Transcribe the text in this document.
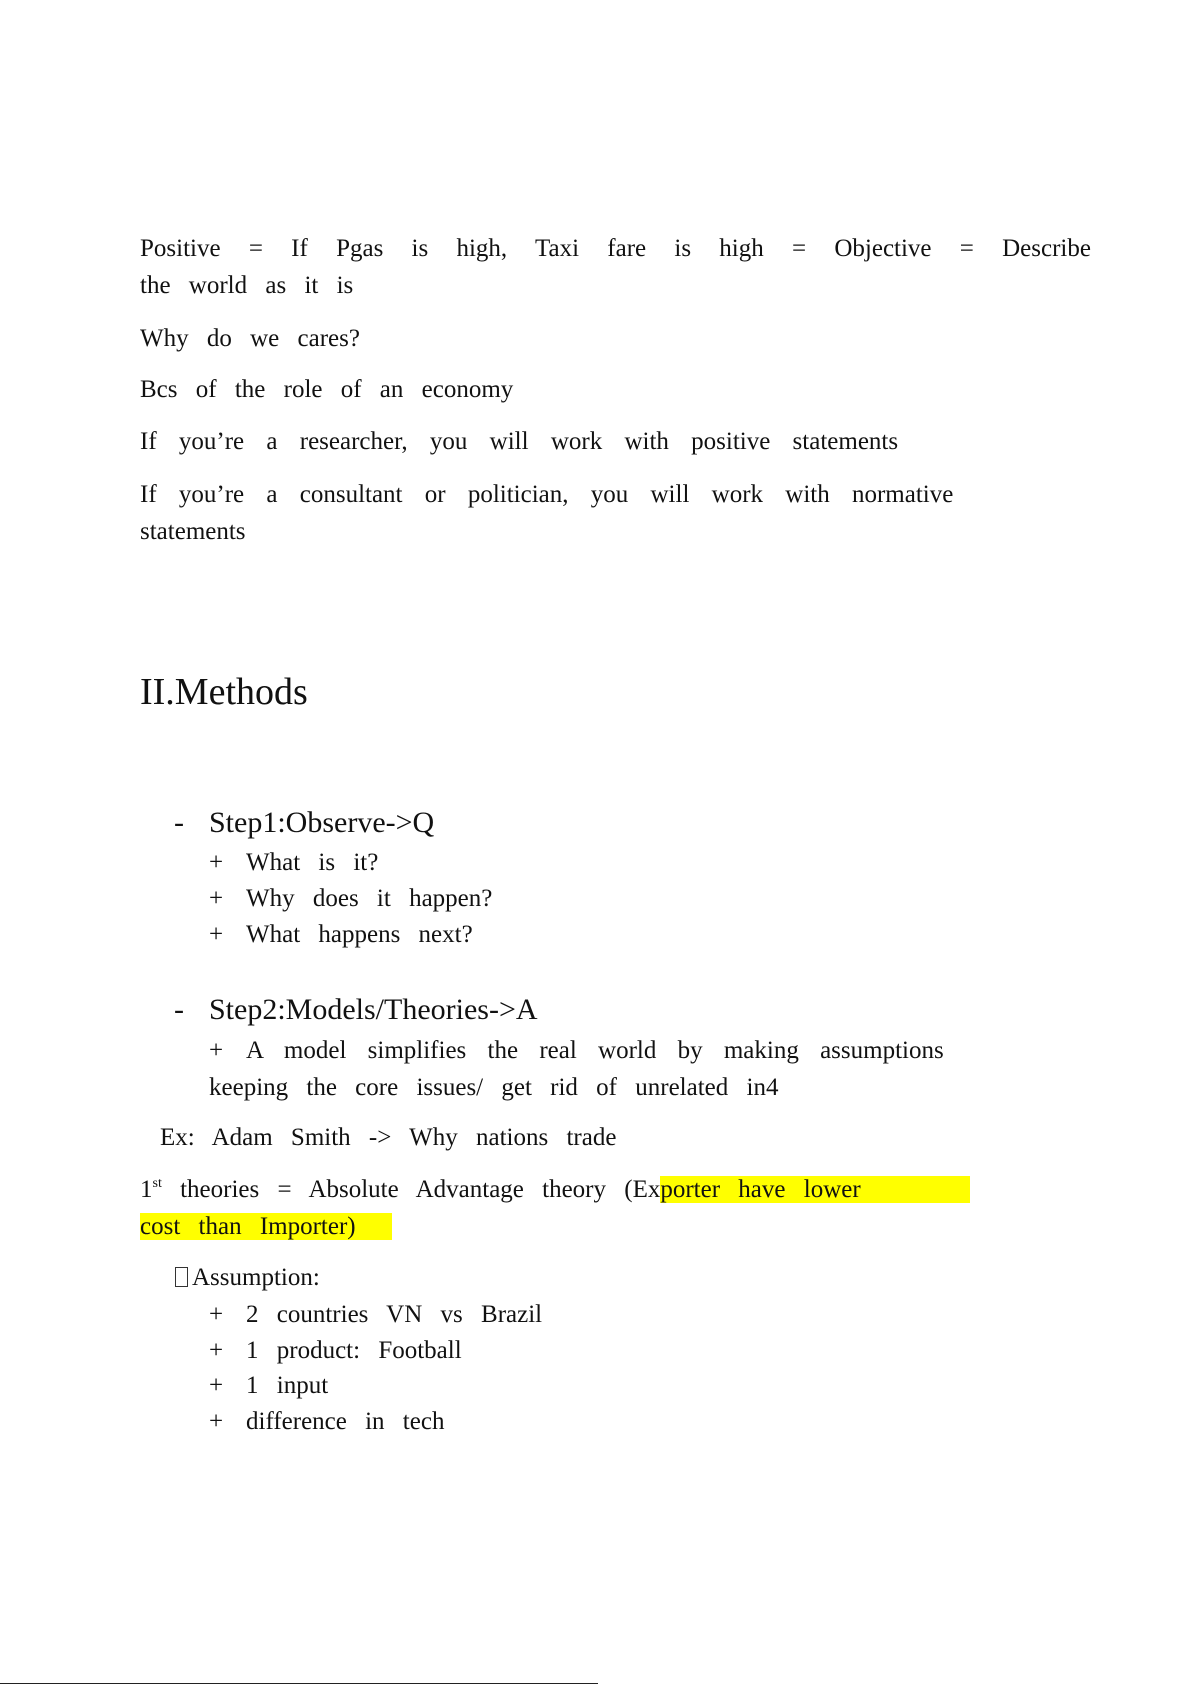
Positive = If Pgas is high, Taxi fare is high = Objective = Describe
the world as it is
Why do we cares?
Bcs of the role of an economy
If you’re a researcher, you will work with positive statements
If you’re a consultant or politician, you will work with normative
statements
II.Methods
- Step1:Observe->Q
+ What is it?
+ Why does it happen?
+ What happens next?
- Step2:Models/Theories->A
+ A model simplifies the real world by making assumptions
keeping the core issues/ get rid of unrelated in4
Ex: Adam Smith -> Why nations trade
1st theories = Absolute Advantage theory (Exporter have lower
cost than Importer)
Assumption:
+ 2 countries VN vs Brazil
+ 1 product: Football
+ 1 input
+ difference in tech
